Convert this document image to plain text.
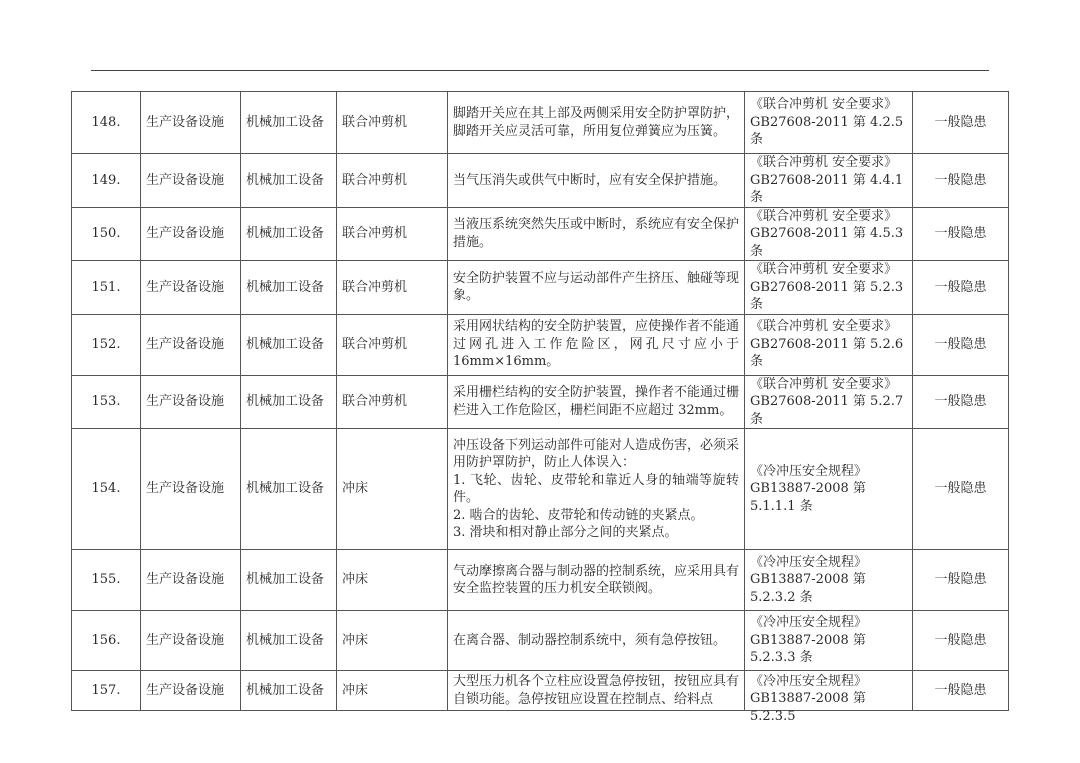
148.	生产设备设施	机械加工设备	联合冲剪机	脚踏开关应在其上部及两侧采用安全防护罩防护，脚踏开关应灵活可靠，所用复位弹簧应为压簧。	《联合冲剪机 安全要求》GB27608-2011 第 4.2.5 条	一般隐患
149.	生产设备设施	机械加工设备	联合冲剪机	当气压消失或供气中断时，应有安全保护措施。	《联合冲剪机 安全要求》GB27608-2011 第 4.4.1 条	一般隐患
150.	生产设备设施	机械加工设备	联合冲剪机	当液压系统突然失压或中断时，系统应有安全保护措施。	《联合冲剪机 安全要求》GB27608-2011 第 4.5.3 条	一般隐患
151.	生产设备设施	机械加工设备	联合冲剪机	安全防护装置不应与运动部件产生挤压、触碰等现象。	《联合冲剪机 安全要求》GB27608-2011 第 5.2.3 条	一般隐患
152.	生产设备设施	机械加工设备	联合冲剪机	采用网状结构的安全防护装置，应使操作者不能通过网孔进入工作危险区，网孔尺寸应小于 16mm×16mm。	《联合冲剪机 安全要求》GB27608-2011 第 5.2.6 条	一般隐患
153.	生产设备设施	机械加工设备	联合冲剪机	采用栅栏结构的安全防护装置，操作者不能通过栅栏进入工作危险区，栅栏间距不应超过 32mm。	《联合冲剪机 安全要求》GB27608-2011 第 5.2.7 条	一般隐患
154.	生产设备设施	机械加工设备	冲床	冲压设备下列运动部件可能对人造成伤害，必须采用防护罩防护，防止人体误入：
1. 飞轮、齿轮、皮带轮和靠近人身的轴端等旋转件。
2. 啮合的齿轮、皮带轮和传动链的夹紧点。
3. 滑块和相对静止部分之间的夹紧点。	《冷冲压安全规程》GB13887-2008 第 5.1.1.1 条	一般隐患
155.	生产设备设施	机械加工设备	冲床	气动摩擦离合器与制动器的控制系统，应采用具有安全监控装置的压力机安全联锁阀。	《冷冲压安全规程》GB13887-2008 第 5.2.3.2 条	一般隐患
156.	生产设备设施	机械加工设备	冲床	在离合器、制动器控制系统中，须有急停按钮。	《冷冲压安全规程》GB13887-2008 第 5.2.3.3 条	一般隐患
157.	生产设备设施	机械加工设备	冲床	大型压力机各个立柱应设置急停按钮，按钮应具有自锁功能。急停按钮应设置在控制点、给料点	《冷冲压安全规程》GB13887-2008 第 5.2.3.5	一般隐患
